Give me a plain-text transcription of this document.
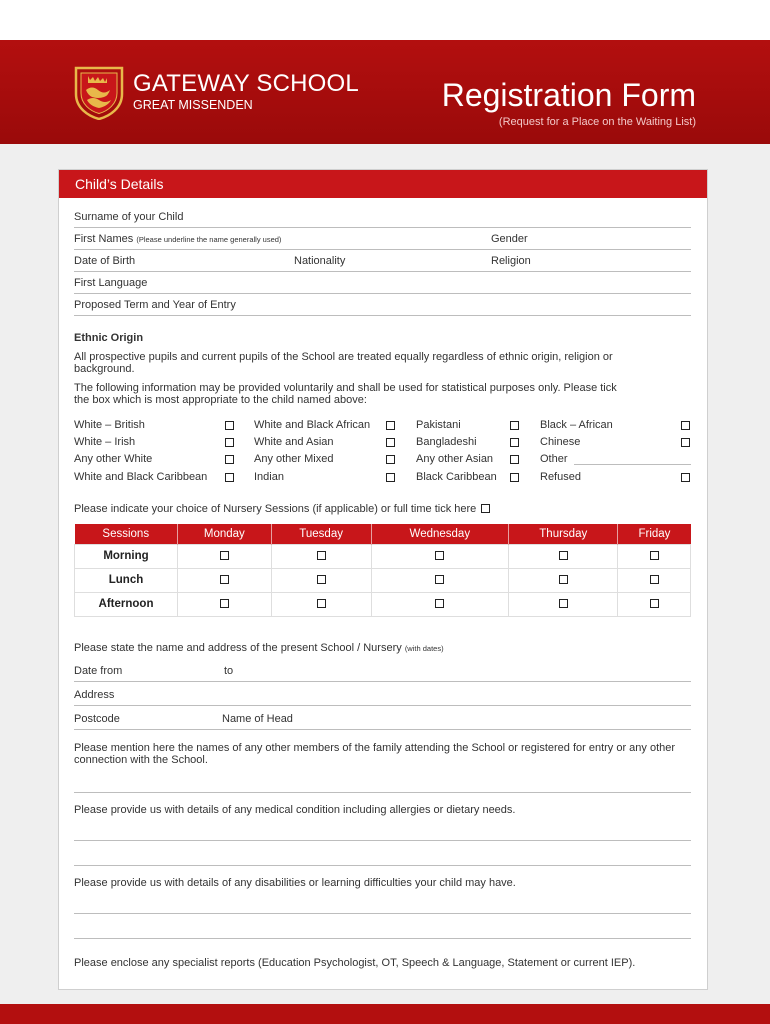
GATEWAY SCHOOL
GREAT MISSENDEN	Registration Form
(Request for a Place on the Waiting List)
Child’s Details
Surname of your Child
First Names (Please underline the name generally used)	Gender
Date of Birth	Nationality	Religion
First Language
Proposed Term and Year of Entry
Ethnic Origin
All prospective pupils and current pupils of the School are treated equally regardless of ethnic origin, religion or background.
The following information may be provided voluntarily and shall be used for statistical purposes only. Please tick the box which is most appropriate to the child named above:
White – British
White – Irish
Any other White
White and Black Caribbean
White and Black African
White and Asian
Any other Mixed
Indian
Pakistani
Bangladeshi
Any other Asian
Black Caribbean
Black – African
Chinese
Other
Refused
Please indicate your choice of Nursery Sessions (if applicable) or full time tick here
Sessions	Monday	Tuesday	Wednesday	Thursday	Friday
Morning					
Lunch					
Afternoon					
Please state the name and address of the present School / Nursery (with dates)
Date from	to
Address
Postcode	Name of Head
Please mention here the names of any other members of the family attending the School or registered for entry or any other connection with the School.
Please provide us with details of any medical condition including allergies or dietary needs.
Please provide us with details of any disabilities or learning difficulties your child may have.
Please enclose any specialist reports (Education Psychologist, OT, Speech & Language, Statement or current IEP).
